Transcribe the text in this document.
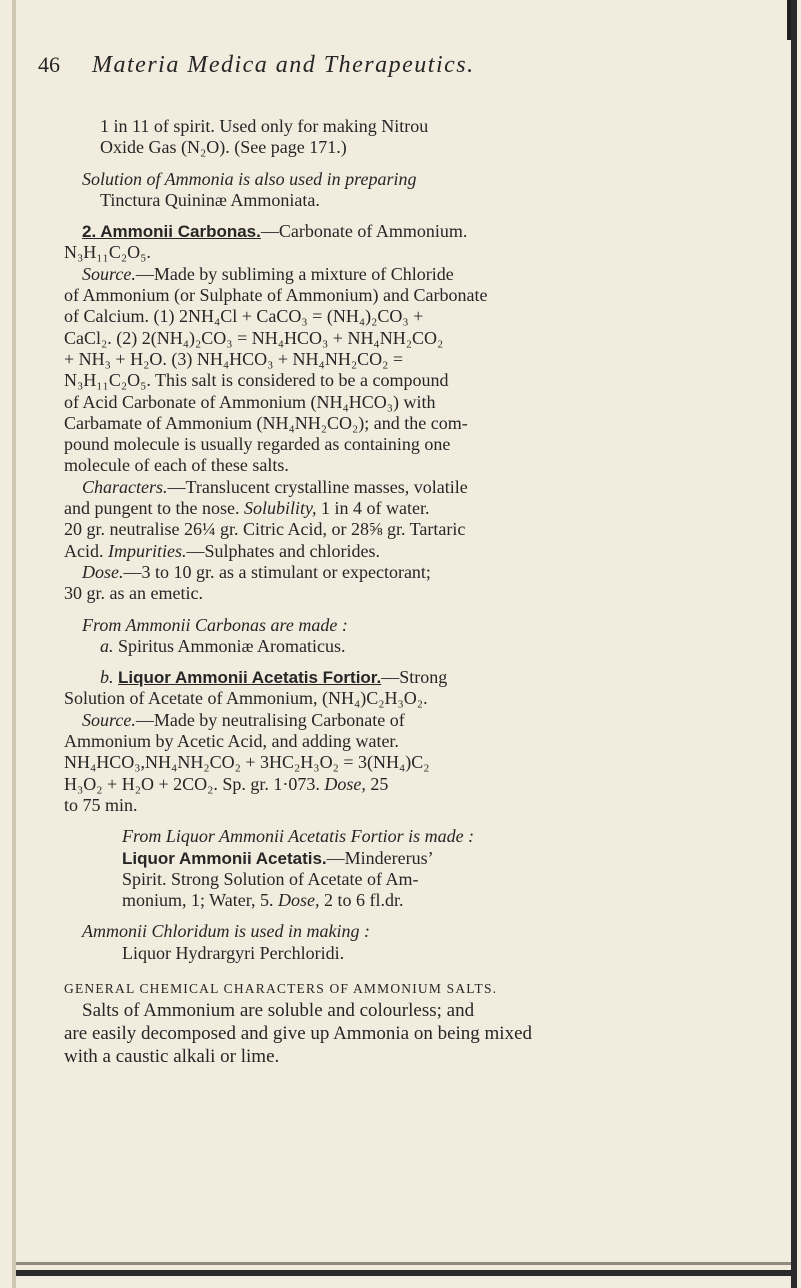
46 Materia Medica and Therapeutics.
1 in 11 of spirit. Used only for making Nitrou
Oxide Gas (N₂O). (See page 171.)
Solution of Ammonia is also used in preparing
Tinctura Quininæ Ammoniata.
2. Ammonii Carbonas.—Carbonate of Ammonium.
N₃H₁₁C₂O₅.
Source.—Made by subliming a mixture of Chloride
of Ammonium (or Sulphate of Ammonium) and Carbonate
of Calcium. (1) 2NH₄Cl + CaCO₃ = (NH₄)₂CO₃ +
CaCl₂. (2) 2(NH₄)₂CO₃ = NH₄HCO₃ + NH₄NH₂CO₂
+ NH₃ + H₂O. (3) NH₄HCO₃ + NH₄NH₂CO₂ =
N₃H₁₁C₂O₅. This salt is considered to be a compound
of Acid Carbonate of Ammonium (NH₄HCO₃) with
Carbamate of Ammonium (NH₄NH₂CO₂); and the com-
pound molecule is usually regarded as containing one
molecule of each of these salts.
Characters.—Translucent crystalline masses, volatile
and pungent to the nose. Solubility, 1 in 4 of water.
20 gr. neutralise 26¼ gr. Citric Acid, or 28⅝ gr. Tartaric
Acid. Impurities.—Sulphates and chlorides.
Dose.—3 to 10 gr. as a stimulant or expectorant;
30 gr. as an emetic.
From Ammonii Carbonas are made :
a. Spiritus Ammoniæ Aromaticus.
b. Liquor Ammonii Acetatis Fortior.—Strong
Solution of Acetate of Ammonium, (NH₄)C₂H₃O₂.
Source.—Made by neutralising Carbonate of
Ammonium by Acetic Acid, and adding water.
NH₄HCO₃,NH₄NH₂CO₂ + 3HC₂H₃O₂ = 3(NH₄)C₂
H₃O₂ + H₂O + 2CO₂. Sp. gr. 1·073. Dose, 25
to 75 min.
From Liquor Ammonii Acetatis Fortior is made :
Liquor Ammonii Acetatis.—Mindererus’
Spirit. Strong Solution of Acetate of Am-
monium, 1; Water, 5. Dose, 2 to 6 fl.dr.
Ammonii Chloridum is used in making :
Liquor Hydrargyri Perchloridi.
GENERAL CHEMICAL CHARACTERS OF AMMONIUM SALTS.
Salts of Ammonium are soluble and colourless; and
are easily decomposed and give up Ammonia on being mixed
with a caustic alkali or lime.
